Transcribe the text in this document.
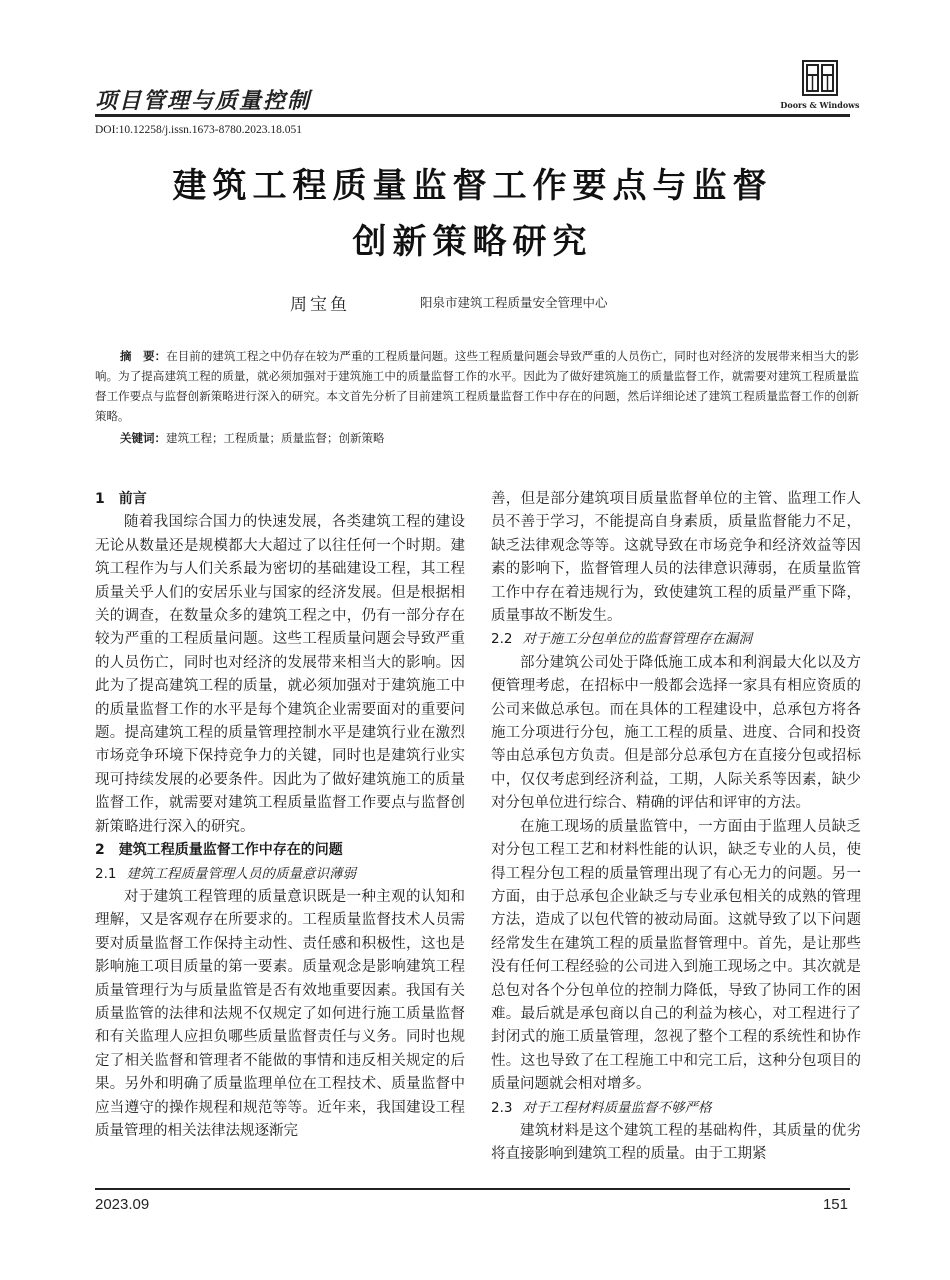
项目管理与质量控制	Doors & Windows
DOI:10.12258/j.issn.1673-8780.2023.18.051
建筑工程质量监督工作要点与监督
创新策略研究
周宝鱼	阳泉市建筑工程质量安全管理中心
摘　要：在目前的建筑工程之中仍存在较为严重的工程质量问题。这些工程质量问题会导致严重的人员伤亡，同时也对经济的发展带来相当大的影响。为了提高建筑工程的质量，就必须加强对于建筑施工中的质量监督工作的水平。因此为了做好建筑施工的质量监督工作，就需要对建筑工程质量监督工作要点与监督创新策略进行深入的研究。本文首先分析了目前建筑工程质量监督工作中存在的问题，然后详细论述了建筑工程质量监督工作的创新策略。
关键词：建筑工程；工程质量；质量监督；创新策略
1 前言

随着我国综合国力的快速发展，各类建筑工程的建设无论从数量还是规模都大大超过了以往任何一个时期。建筑工程作为与人们关系最为密切的基础建设工程，其工程质量关乎人们的安居乐业与国家的经济发展。但是根据相关的调查，在数量众多的建筑工程之中，仍有一部分存在较为严重的工程质量问题。这些工程质量问题会导致严重的人员伤亡，同时也对经济的发展带来相当大的影响。因此为了提高建筑工程的质量，就必须加强对于建筑施工中的质量监督工作的水平是每个建筑企业需要面对的重要问题。提高建筑工程的质量管理控制水平是建筑行业在激烈市场竞争环境下保持竞争力的关键，同时也是建筑行业实现可持续发展的必要条件。因此为了做好建筑施工的质量监督工作，就需要对建筑工程质量监督工作要点与监督创新策略进行深入的研究。

2 建筑工程质量监督工作中存在的问题
2.1 建筑工程质量管理人员的质量意识薄弱

对于建筑工程管理的质量意识既是一种主观的认知和理解，又是客观存在所要求的。工程质量监督技术人员需要对质量监督工作保持主动性、责任感和积极性，这也是影响施工项目质量的第一要素。质量观念是影响建筑工程质量管理行为与质量监管是否有效地重要因素。我国有关质量监管的法律和法规不仅规定了如何进行施工质量监督和有关监理人应担负哪些质量监督责任与义务。同时也规定了相关监督和管理者不能做的事情和违反相关规定的后果。另外和明确了质量监理单位在工程技术、质量监督中应当遵守的操作规程和规范等等。近年来，我国建设工程质量管理的相关法律法规逐渐完

善，但是部分建筑项目质量监督单位的主管、监理工作人员不善于学习，不能提高自身素质，质量监督能力不足，缺乏法律观念等等。这就导致在市场竞争和经济效益等因素的影响下，监督管理人员的法律意识薄弱，在质量监管工作中存在着违规行为，致使建筑工程的质量严重下降，质量事故不断发生。

2.2 对于施工分包单位的监督管理存在漏洞

部分建筑公司处于降低施工成本和利润最大化以及方便管理考虑，在招标中一般都会选择一家具有相应资质的公司来做总承包。而在具体的工程建设中，总承包方将各施工分项进行分包，施工工程的质量、进度、合同和投资等由总承包方负责。但是部分总承包方在直接分包或招标中，仅仅考虑到经济利益，工期，人际关系等因素，缺少对分包单位进行综合、精确的评估和评审的方法。

在施工现场的质量监管中，一方面由于监理人员缺乏对分包工程工艺和材料性能的认识，缺乏专业的人员，使得工程分包工程的质量管理出现了有心无力的问题。另一方面，由于总承包企业缺乏与专业承包相关的成熟的管理方法，造成了以包代管的被动局面。这就导致了以下问题经常发生在建筑工程的质量监督管理中。首先，是让那些没有任何工程经验的公司进入到施工现场之中。其次就是总包对各个分包单位的控制力降低，导致了协同工作的困难。最后就是承包商以自己的利益为核心，对工程进行了封闭式的施工质量管理，忽视了整个工程的系统性和协作性。这也导致了在工程施工中和完工后，这种分包项目的质量问题就会相对增多。

2.3 对于工程材料质量监督不够严格

建筑材料是这个建筑工程的基础构件，其质量的优劣将直接影响到建筑工程的质量。由于工期紧

2023.09	151
